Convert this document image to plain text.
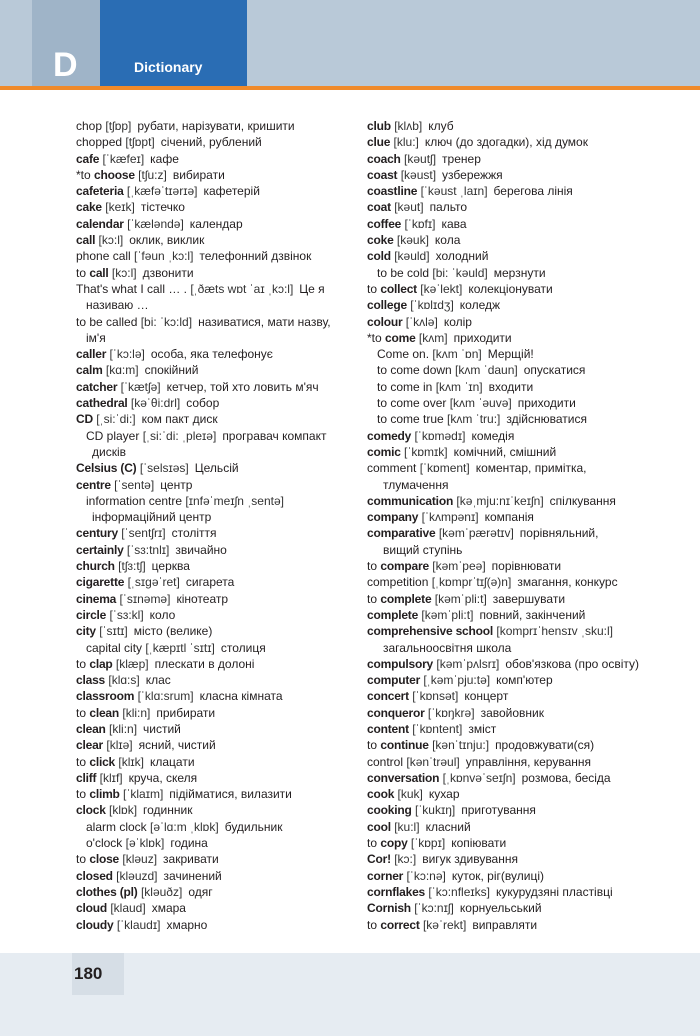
D	Dictionary
chop [tʃɒp] рубати, нарізувати, кришити
chopped [tʃɒpt] січений, рублений
cafe [ˈkæfeɪ] кафе
*to choose [tʃu:z] вибирати
cafeteria [ˌkæfəˈtɪərɪə] кафетерій
cake [keɪk] тістечко
calendar [ˈkæləndə] календар
call [kɔ:l] оклик, виклик
phone call [ˈfəun ˌkɔ:l] телефонний дзвінок
to call [kɔ:l] дзвонити
That's what I call … . [ˌðæts wɒt ˈaɪ ˌkɔ:l] Це я
називаю …
to be called [bi: ˈkɔ:ld] називатися, мати назву,
ім'я
caller [ˈkɔ:lə] особа, яка телефонує
calm [kɑ:m] спокійний
catcher [ˈkætʃə] кетчер, той хто ловить м'яч
cathedral [kəˈθi:drl] собор
CD [ˌsi:ˈdi:] ком пакт диск
CD player [ˌsi:ˈdi: ˌpleɪə] програвач компакт
дисків
Celsius (C) [ˈselsɪəs] Цельсій
centre [ˈsentə] центр
information centre [ɪnfəˈmeɪʃn ˌsentə]
інформаційний центр
century [ˈsentʃrɪ] століття
certainly [ˈsɜ:tnlɪ] звичайно
church [tʃɜ:tʃ] церква
cigarette [ˌsɪgəˈret] сигарета
cinema [ˈsɪnəmə] кінотеатр
circle [ˈsɜ:kl] коло
city [ˈsɪtɪ] місто (велике)
capital city [ˌkæpɪtl ˈsɪtɪ] столиця
to clap [klæp] плескати в долоні
class [klɑ:s] клас
classroom [ˈklɑ:srum] класна кімната
to clean [kli:n] прибирати
clean [kli:n] чистий
clear [klɪə] ясний, чистий
to click [klɪk] клацати
cliff [klɪf] круча, скеля
to climb [ˈklaɪm] підійматися, вилазити
clock [klɒk] годинник
alarm clock [əˈlɑ:m ˌklɒk] будильник
o'clock [əˈklɒk] година
to close [kləuz] закривати
closed [kləuzd] зачинений
clothes (pl) [kləuðz] одяг
cloud [klaud] хмара
cloudy [ˈklaudɪ] хмарно
club [klʌb] клуб
clue [klu:] ключ (до здогадки), хід думок
coach [kəutʃ] тренер
coast [kəust] узбережжя
coastline [ˈkəust ˌlaɪn] берегова лінія
coat [kəut] пальто
coffee [ˈkɒfɪ] кава
coke [kəuk] кола
cold [kəuld] холодний
to be cold [bi: ˈkəuld] мерзнути
to collect [kəˈlekt] колекціонувати
college [ˈkɒlɪdʒ] коледж
colour [ˈkʌlə] колір
*to come [kʌm] приходити
Come on. [kʌm ˈɒn] Мерщій!
to come down [kʌm ˈdaun] опускатися
to come in [kʌm ˈɪn] входити
to come over [kʌm ˈəuvə] приходити
to come true [kʌm ˈtru:] здійснюватися
comedy [ˈkɒmədɪ] комедія
comic [ˈkɒmɪk] комічний, смішний
comment [ˈkɒment] коментар, примітка,
тлумачення
communication [kəˌmju:nɪˈkeɪʃn] спілкування
company [ˈkʌmpənɪ] компанія
comparative [kəmˈpærətɪv] порівняльний,
вищий ступінь
to compare [kəmˈpeə] порівнювати
competition [ˌkɒmprˈtɪʃ(ə)n] змагання, конкурс
to complete [kəmˈpli:t] завершувати
complete [kəmˈpli:t] повний, закінчений
comprehensive school [komprɪˈhensɪv ˌsku:l]
загальноосвітня школа
compulsory [kəmˈpʌlsrɪ] обов'язкова (про освіту)
computer [ˌkəmˈpju:tə] комп'ютер
concert [ˈkɒnsət] концерт
conqueror [ˈkɒŋkrə] завойовник
content [ˈkɒntent] зміст
to continue [kənˈtɪnju:] продовжувати(ся)
control [kənˈtrəul] управління, керування
conversation [ˌkɒnvəˈseɪʃn] розмова, бесіда
cook [kuk] кухар
cooking [ˈkukɪŋ] приготування
cool [ku:l] класний
to copy [ˈkɒpɪ] копіювати
Cor! [kɔ:] вигук здивування
corner [ˈkɔ:nə] куток, ріг(вулиці)
cornflakes [ˈkɔ:nfleɪks] кукурудзяні пластівці
Cornish [ˈkɔ:nɪʃ] корнуельський
to correct [kəˈrekt] виправляти
180
